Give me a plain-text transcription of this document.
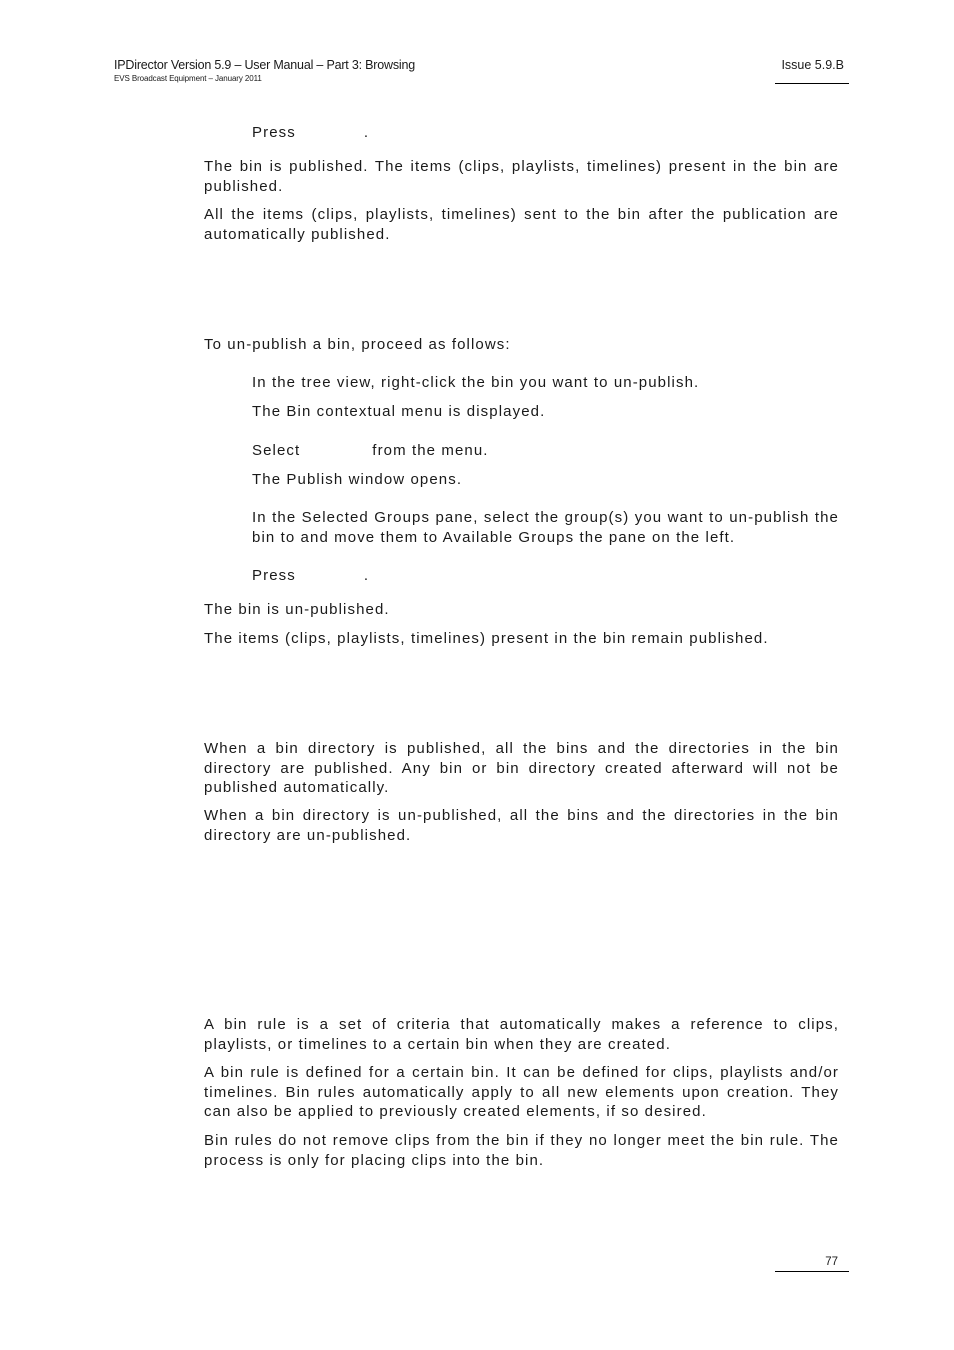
IPDirector Version 5.9 – User Manual – Part 3: Browsing
EVS Broadcast Equipment – January 2011
Issue 5.9.B

Press	.

The bin is published. The items (clips, playlists, timelines) present in the bin are published.

All the items (clips, playlists, timelines) sent to the bin after the publication are automatically published.

To un-publish a bin, proceed as follows:

In the tree view, right-click the bin you want to un-publish.

The Bin contextual menu is displayed.

Select	from the menu.

The Publish window opens.

In the Selected Groups pane, select the group(s) you want to un-publish the bin to and move them to Available Groups the pane on the left.

Press	.

The bin is un-published.

The items (clips, playlists, timelines) present in the bin remain published.

When a bin directory is published, all the bins and the directories in the bin directory are published. Any bin or bin directory created afterward will not be published automatically.

When a bin directory is un-published, all the bins and the directories in the bin directory are un-published.

A bin rule is a set of criteria that automatically makes a reference to clips, playlists, or timelines to a certain bin when they are created.

A bin rule is defined for a certain bin. It can be defined for clips, playlists and/or timelines. Bin rules automatically apply to all new elements upon creation. They can also be applied to previously created elements, if so desired.

Bin rules do not remove clips from the bin if they no longer meet the bin rule. The process is only for placing clips into the bin.

77
